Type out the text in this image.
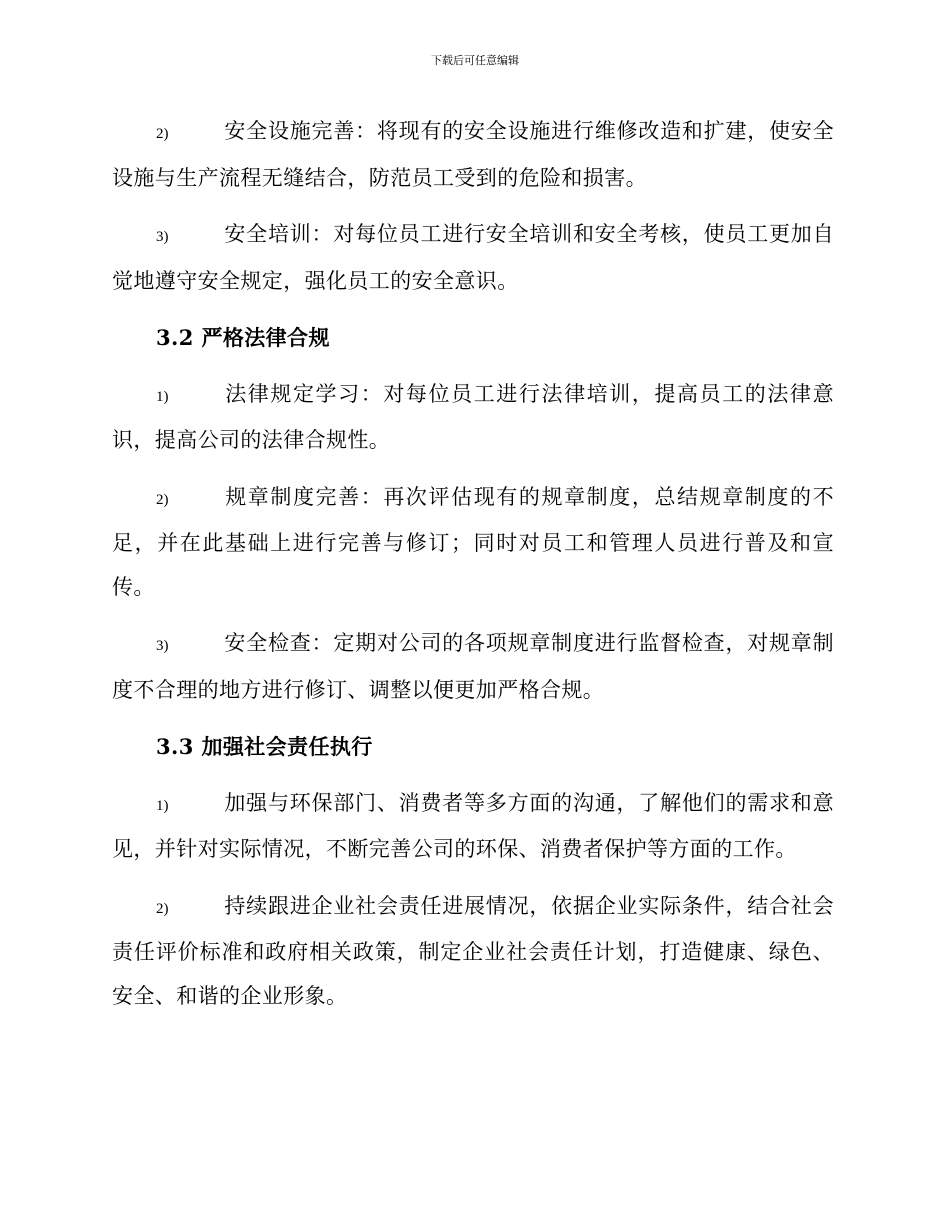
下载后可任意编辑

2)	安全设施完善：将现有的安全设施进行维修改造和扩建，使安全设施与生产流程无缝结合，防范员工受到的危险和损害。

3)	安全培训：对每位员工进行安全培训和安全考核，使员工更加自觉地遵守安全规定，强化员工的安全意识。

3.2 严格法律合规

1)	法律规定学习：对每位员工进行法律培训，提高员工的法律意识，提高公司的法律合规性。

2)	规章制度完善：再次评估现有的规章制度，总结规章制度的不足，并在此基础上进行完善与修订；同时对员工和管理人员进行普及和宣传。

3)	安全检查：定期对公司的各项规章制度进行监督检查，对规章制度不合理的地方进行修订、调整以便更加严格合规。

3.3 加强社会责任执行

1)	加强与环保部门、消费者等多方面的沟通，了解他们的需求和意见，并针对实际情况，不断完善公司的环保、消费者保护等方面的工作。

2)	持续跟进企业社会责任进展情况，依据企业实际条件，结合社会责任评价标准和政府相关政策，制定企业社会责任计划，打造健康、绿色、安全、和谐的企业形象。
